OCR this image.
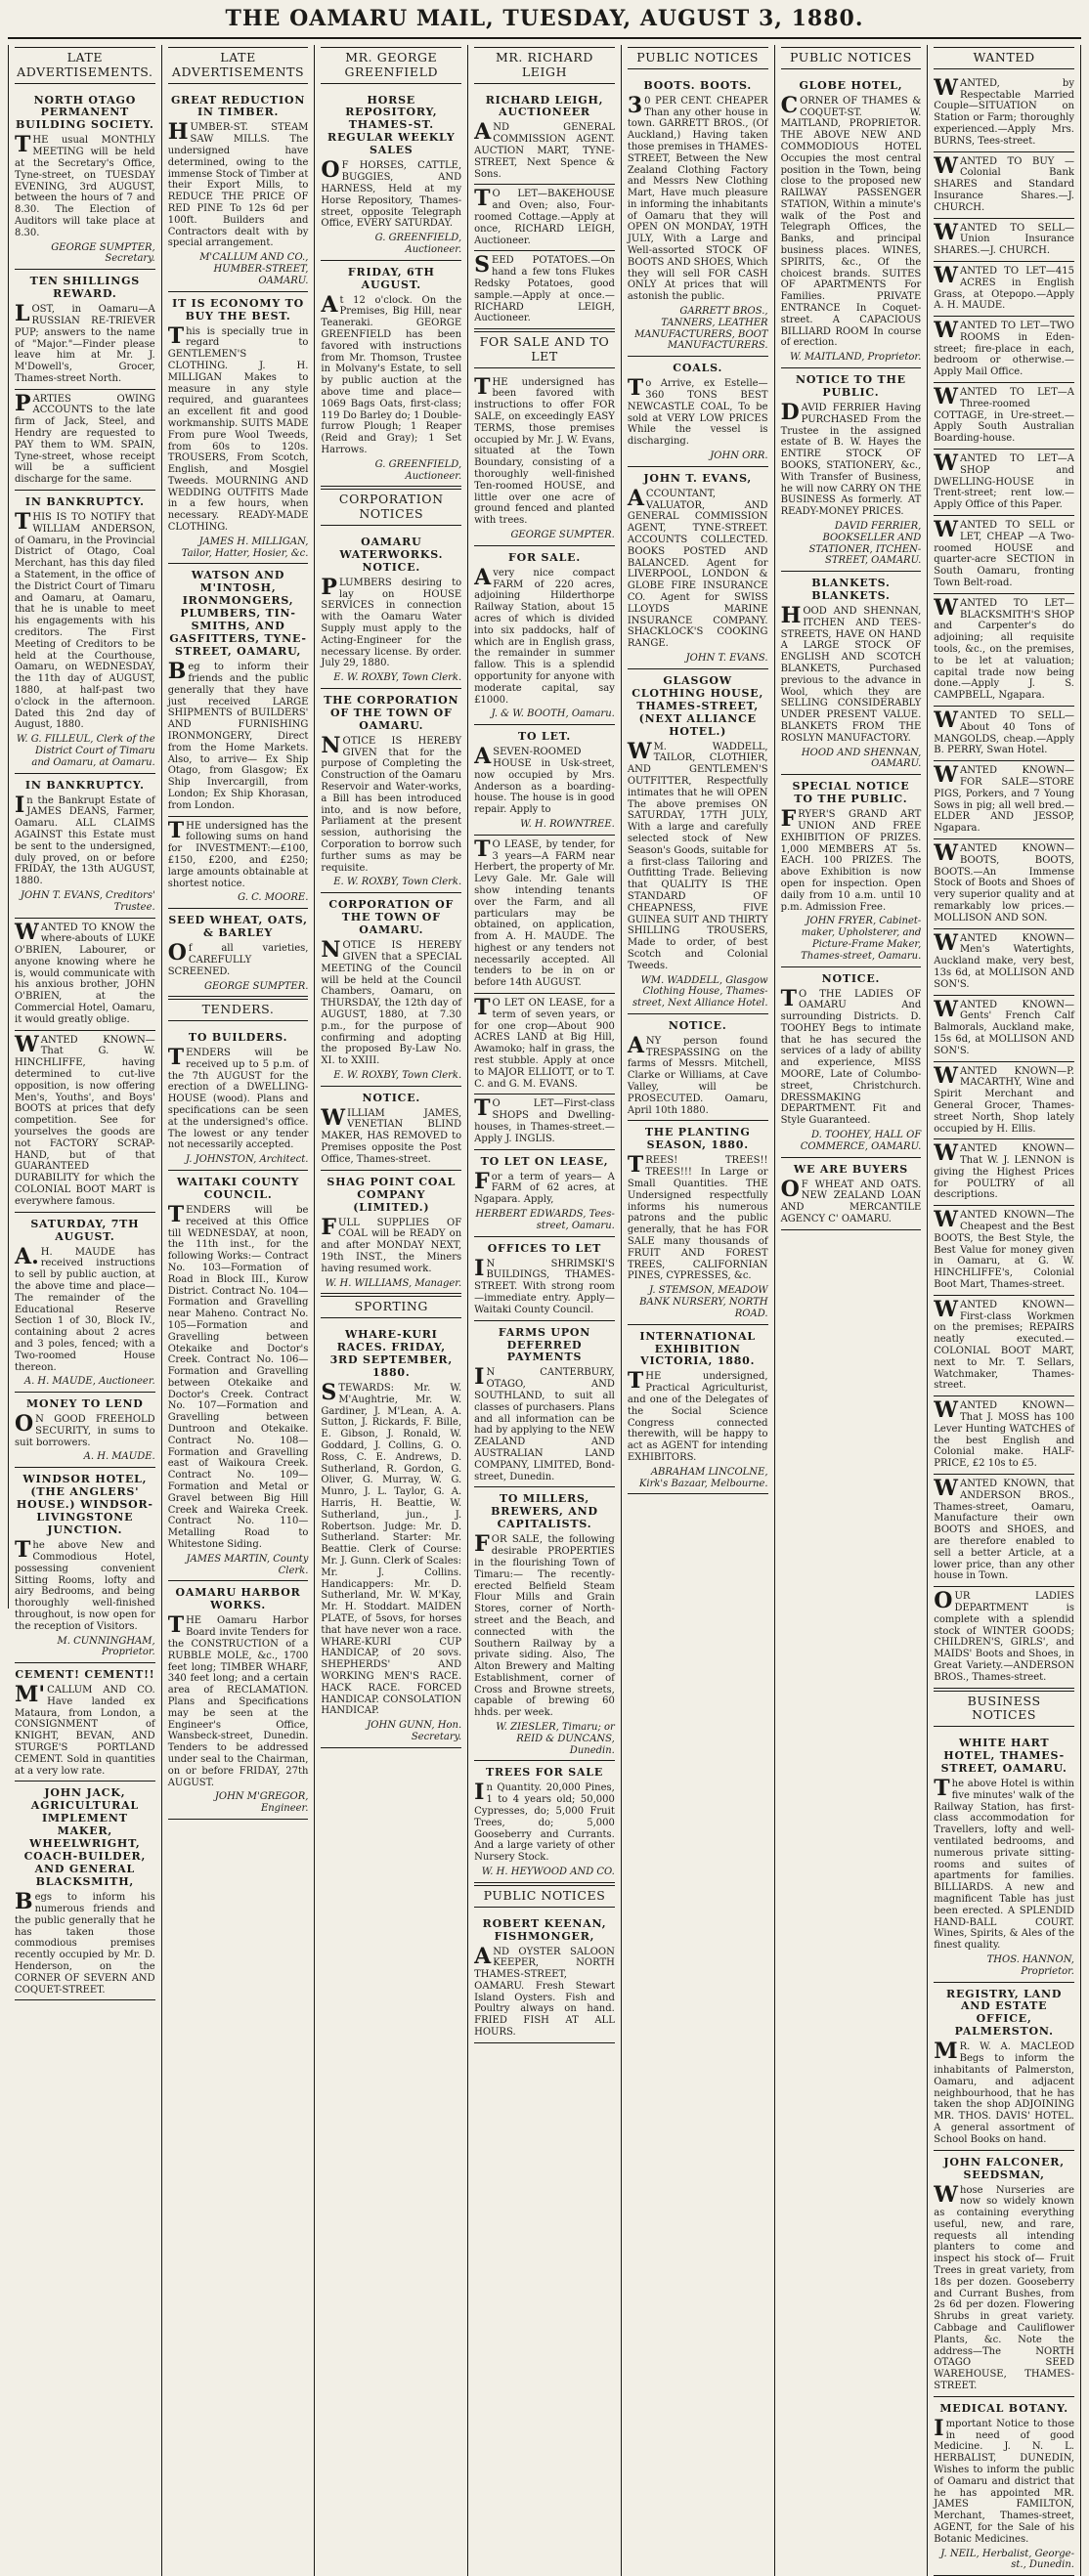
THE OAMARU MAIL, TUESDAY, AUGUST 3, 1880.
LATE ADVERTISEMENTS.
NORTH OTAGO PERMANENT BUILDING SOCIETY.
THE usual MONTHLY MEETING will be held at the Secretary's Office, Tyne-street, on TUESDAY EVENING, 3rd AUGUST, between the hours of 7 and 8.30. The Election of Auditors will take place at 8.30.
GEORGE SUMPTER, Secretary.
TEN SHILLINGS REWARD.
LOST, in Oamaru—A RUSSIAN RE-TRIEVER PUP; answers to the name of "Major."—Finder please leave him at Mr. J. M'Dowell's, Grocer, Thames-street North.
PARTIES OWING ACCOUNTS to the late firm of Jack, Steel, and Hendry are requested to PAY them to WM. SPAIN, Tyne-street, whose receipt will be a sufficient discharge for the same.
IN BANKRUPTCY.
THIS IS TO NOTIFY that WILLIAM ANDERSON, of Oamaru, in the Provincial District of Otago, Coal Merchant, has this day filed a Statement, in the office of the District Court of Timaru and Oamaru, at Oamaru, that he is unable to meet his engagements with his creditors. The First Meeting of Creditors to be held at the Courthouse, Oamaru, on WEDNESDAY, the 11th day of AUGUST, 1880, at half-past two o'clock in the afternoon. Dated this 2nd day of August, 1880.
W. G. FILLEUL, Clerk of the District Court of Timaru and Oamaru, at Oamaru.
IN BANKRUPTCY.
In the Bankrupt Estate of JAMES DEANS, Farmer, Oamaru. ALL CLAIMS AGAINST this Estate must be sent to the undersigned, duly proved, on or before FRIDAY, the 13th AUGUST, 1880.
JOHN T. EVANS, Creditors' Trustee.
WANTED TO KNOW the where-abouts of LUKE O'BRIEN, Labourer, or anyone knowing where he is, would communicate with his anxious brother, JOHN O'BRIEN, at the Commercial Hotel, Oamaru, it would greatly oblige.
WANTED KNOWN—That G. W. HINCHLIFFE, having determined to cut-live opposition, is now offering Men's, Youths', and Boys' BOOTS at prices that defy competition. See for yourselves the goods are not FACTORY SCRAP-HAND, but of that GUARANTEED DURABILITY for which the COLONIAL BOOT MART is everywhere famous.
SATURDAY, 7TH AUGUST.
A.H. MAUDE has received instructions to sell by public auction, at the above time and place—The remainder of the Educational Reserve Section 1 of 30, Block IV., containing about 2 acres and 3 poles, fenced; with a Two-roomed House thereon.
A. H. MAUDE, Auctioneer.
MONEY TO LEND
ON GOOD FREEHOLD SECURITY, in sums to suit borrowers.
A. H. MAUDE.
WINDSOR HOTEL, (THE ANGLERS' HOUSE.) WINDSOR-LIVINGSTONE JUNCTION.
The above New and Commodious Hotel, possessing convenient Sitting Rooms, lofty and airy Bedrooms, and being thoroughly well-finished throughout, is now open for the reception of Visitors.
M. CUNNINGHAM, Proprietor.
CEMENT! CEMENT!!
M'CALLUM AND CO. Have landed ex Mataura, from London, a CONSIGNMENT of KNIGHT, BEVAN, AND STURGE'S PORTLAND CEMENT. Sold in quantities at a very low rate.
JOHN JACK, AGRICULTURAL IMPLEMENT MAKER, WHEELWRIGHT, COACH-BUILDER, AND GENERAL BLACKSMITH,
Begs to inform his numerous friends and the public generally that he has taken those commodious premises recently occupied by Mr. D. Henderson, on the CORNER OF SEVERN AND COQUET-STREET.
LATE ADVERTISEMENTS
GREAT REDUCTION IN TIMBER.
HUMBER-ST. STEAM SAW MILLS. The undersigned have determined, owing to the immense Stock of Timber at their Export Mills, to REDUCE THE PRICE OF RED PINE To 12s 6d per 100ft. Builders and Contractors dealt with by special arrangement.
M'CALLUM AND CO., HUMBER-STREET, OAMARU.
IT IS ECONOMY TO BUY THE BEST.
This is specially true in regard to GENTLEMEN'S CLOTHING. J. H. MILLIGAN Makes to measure in any style required, and guarantees an excellent fit and good workmanship. SUITS MADE From pure Wool Tweeds, from 60s to 120s. TROUSERS, From Scotch, English, and Mosgiel Tweeds. MOURNING AND WEDDING OUTFITS Made in a few hours, when necessary. READY-MADE CLOTHING.
JAMES H. MILLIGAN, Tailor, Hatter, Hosier, &c.
WATSON AND M'INTOSH, IRONMONGERS, PLUMBERS, TIN-SMITHS, AND GASFITTERS, TYNE-STREET, OAMARU,
Beg to inform their friends and the public generally that they have just received LARGE SHIPMENTS of BUILDERS' AND FURNISHING IRONMONGERY, Direct from the Home Markets. Also, to arrive— Ex Ship Otago, from Glasgow; Ex Ship Invercargill, from London; Ex Ship Khorasan, from London.
THE undersigned has the following sums on hand for INVESTMENT:—£100, £150, £200, and £250; large amounts obtainable at shortest notice.
G. C. MOORE.
SEED WHEAT, OATS, & BARLEY
Of all varieties, CAREFULLY SCREENED.
GEORGE SUMPTER.
TENDERS.
TO BUILDERS.
TENDERS will be received up to 5 p.m. of the 7th AUGUST for the erection of a DWELLING-HOUSE (wood). Plans and specifications can be seen at the undersigned's office. The lowest or any tender not necessarily accepted.
J. JOHNSTON, Architect.
WAITAKI COUNTY COUNCIL.
TENDERS will be received at this Office till WEDNESDAY, at noon, the 11th inst., for the following Works:— Contract No. 103—Formation of Road in Block III., Kurow District. Contract No. 104—Formation and Gravelling near Maheno. Contract No. 105—Formation and Gravelling between Otekaike and Doctor's Creek. Contract No. 106—Formation and Gravelling between Otekaike and Doctor's Creek. Contract No. 107—Formation and Gravelling between Duntroon and Otekaike. Contract No. 108—Formation and Gravelling east of Waikoura Creek. Contract No. 109—Formation and Metal or Gravel between Big Hill Creek and Waireka Creek. Contract No. 110—Metalling Road to Whitestone Siding.
JAMES MARTIN, County Clerk.
OAMARU HARBOR WORKS.
THE Oamaru Harbor Board invite Tenders for the CONSTRUCTION of a RUBBLE MOLE, &c., 1700 feet long; TIMBER WHARF, 340 feet long; and a certain area of RECLAMATION. Plans and Specifications may be seen at the Engineer's Office, Wansbeck-street, Dunedin. Tenders to be addressed under seal to the Chairman, on or before FRIDAY, 27th AUGUST.
JOHN M'GREGOR, Engineer.
MR. GEORGE GREENFIELD
HORSE REPOSITORY, THAMES-ST. REGULAR WEEKLY SALES
OF HORSES, CATTLE, BUGGIES, AND HARNESS, Held at my Horse Repository, Thames-street, opposite Telegraph Office, EVERY SATURDAY.
G. GREENFIELD, Auctioneer.
FRIDAY, 6TH AUGUST.
At 12 o'clock. On the Premises, Big Hill, near Teaneraki. GEORGE GREENFIELD has been favored with instructions from Mr. Thomson, Trustee in Molvany's Estate, to sell by public auction at the above time and place— 1069 Bags Oats, first-class; 119 Do Barley do; 1 Double-furrow Plough; 1 Reaper (Reid and Gray); 1 Set Harrows.
G. GREENFIELD, Auctioneer.
CORPORATION NOTICES
OAMARU WATERWORKS. NOTICE.
PLUMBERS desiring to lay on HOUSE SERVICES in connection with the Oamaru Water Supply must apply to the Acting-Engineer for the necessary license. By order. July 29, 1880.
E. W. ROXBY, Town Clerk.
THE CORPORATION OF THE TOWN OF OAMARU.
NOTICE IS HEREBY GIVEN that for the purpose of Completing the Construction of the Oamaru Reservoir and Water-works, a Bill has been introduced into, and is now before, Parliament at the present session, authorising the Corporation to borrow such further sums as may be requisite.
E. W. ROXBY, Town Clerk.
CORPORATION OF THE TOWN OF OAMARU.
NOTICE IS HEREBY GIVEN that a SPECIAL MEETING of the Council will be held at the Council Chambers, Oamaru, on THURSDAY, the 12th day of AUGUST, 1880, at 7.30 p.m., for the purpose of confirming and adopting the proposed By-Law No. XI. to XXIII.
E. W. ROXBY, Town Clerk.
NOTICE.
WILLIAM JAMES, VENETIAN BLIND MAKER, HAS REMOVED to Premises opposite the Post Office, Thames-street.
SHAG POINT COAL COMPANY (LIMITED.)
FULL SUPPLIES OF COAL will be READY on and after MONDAY NEXT, 19th INST., the Miners having resumed work.
W. H. WILLIAMS, Manager.
SPORTING
WHARE-KURI RACES. FRIDAY, 3RD SEPTEMBER, 1880.
STEWARDS: Mr. W. M'Aughtrie, Mr. W. Gardiner, J. M'Lean, A. A. Sutton, J. Rickards, F. Bille, E. Gibson, J. Ronald, W. Goddard, J. Collins, G. O. Ross, C. E. Andrews, D. Sutherland, R. Gordon, G. Oliver, G. Murray, W. G. Munro, J. L. Taylor, G. A. Harris, H. Beattie, W. Sutherland, jun., J. Robertson. Judge: Mr. D. Sutherland. Starter: Mr. Beattie. Clerk of Course: Mr. J. Gunn. Clerk of Scales: Mr. J. Collins. Handicappers: Mr. D. Sutherland, Mr. W. M'Kay, Mr. H. Stoddart. MAIDEN PLATE, of 5sovs, for horses that have never won a race. WHARE-KURI CUP HANDICAP, of 20 sovs. SHEPHERDS' AND WORKING MEN'S RACE. HACK RACE. FORCED HANDICAP. CONSOLATION HANDICAP.
JOHN GUNN, Hon. Secretary.
MR. RICHARD LEIGH
RICHARD LEIGH, AUCTIONEER
AND GENERAL COMMISSION AGENT. AUCTION MART, TYNE-STREET, Next Spence & Sons.
TO LET—BAKEHOUSE and Oven; also, Four-roomed Cottage.—Apply at once, RICHARD LEIGH, Auctioneer.
SEED POTATOES.—On hand a few tons Flukes Redsky Potatoes, good sample.—Apply at once.—RICHARD LEIGH, Auctioneer.
FOR SALE AND TO LET
THE undersigned has been favored with instructions to offer FOR SALE, on exceedingly EASY TERMS, those premises occupied by Mr. J. W. Evans, situated at the Town Boundary, consisting of a thoroughly well-finished Ten-roomed HOUSE, and little over one acre of ground fenced and planted with trees.
GEORGE SUMPTER.
FOR SALE.
Avery nice compact FARM of 220 acres, adjoining Hilderthorpe Railway Station, about 15 acres of which is divided into six paddocks, half of which are in English grass, the remainder in summer fallow. This is a splendid opportunity for anyone with moderate capital, say £1000.
J. & W. BOOTH, Oamaru.
TO LET.
ASEVEN-ROOMED HOUSE in Usk-street, now occupied by Mrs. Anderson as a boarding-house. The house is in good repair. Apply to
W. H. ROWNTREE.
TO LEASE, by tender, for 3 years—A FARM near Herbert, the property of Mr. Levy Gale. Mr. Gale will show intending tenants over the Farm, and all particulars may be obtained, on application, from A. H. MAUDE. The highest or any tenders not necessarily accepted. All tenders to be in on or before 14th AUGUST.
TO LET ON LEASE, for a term of seven years, or for one crop—About 900 ACRES LAND at Big Hill, Awamoko; half in grass, the rest stubble. Apply at once to MAJOR ELLIOTT, or to T. C. and G. M. EVANS.
TO LET—First-class SHOPS and Dwelling-houses, in Thames-street.—Apply J. INGLIS.
TO LET ON LEASE,
For a term of years— A FARM of 62 acres, at Ngapara. Apply,
HERBERT EDWARDS, Tees-street, Oamaru.
OFFICES TO LET
IN SHRIMSKI'S BUILDINGS, THAMES-STREET. With strong room—immediate entry. Apply—Waitaki County Council.
FARMS UPON DEFERRED PAYMENTS
IN CANTERBURY, OTAGO, AND SOUTHLAND, to suit all classes of purchasers. Plans and all information can be had by applying to the NEW ZEALAND AND AUSTRALIAN LAND COMPANY, LIMITED, Bond-street, Dunedin.
TO MILLERS, BREWERS, AND CAPITALISTS.
FOR SALE, the following desirable PROPERTIES in the flourishing Town of Timaru:— The recently-erected Belfield Steam Flour Mills and Grain Stores, corner of North-street and the Beach, and connected with the Southern Railway by a private siding. Also, The Alton Brewery and Malting Establishment, corner of Cross and Browne streets, capable of brewing 60 hhds. per week.
W. ZIESLER, Timaru; or REID & DUNCANS, Dunedin.
TREES FOR SALE
In Quantity. 20,000 Pines, 1 to 4 years old; 50,000 Cypresses, do; 5,000 Fruit Trees, do; 5,000 Gooseberry and Currants. And a large variety of other Nursery Stock.
W. H. HEYWOOD AND CO.
PUBLIC NOTICES
ROBERT KEENAN, FISHMONGER,
AND OYSTER SALOON KEEPER, NORTH THAMES-STREET, OAMARU. Fresh Stewart Island Oysters. Fish and Poultry always on hand. FRIED FISH AT ALL HOURS.
PUBLIC NOTICES
BOOTS. BOOTS.
30 PER CENT. CHEAPER Than any other house in town. GARRETT BROS., (Of Auckland,) Having taken those premises in THAMES-STREET, Between the New Zealand Clothing Factory and Messrs New Clothing Mart, Have much pleasure in informing the inhabitants of Oamaru that they will OPEN ON MONDAY, 19TH JULY, With a Large and Well-assorted STOCK OF BOOTS AND SHOES, Which they will sell FOR CASH ONLY At prices that will astonish the public.
GARRETT BROS., TANNERS, LEATHER MANUFACTURERS, BOOT MANUFACTURERS.
COALS.
To Arrive, ex Estelle— 360 TONS BEST NEWCASTLE COAL, To be sold at VERY LOW PRICES While the vessel is discharging.
JOHN ORR.
JOHN T. EVANS,
ACCOUNTANT, VALUATOR, AND GENERAL COMMISSION AGENT, TYNE-STREET. ACCOUNTS COLLECTED. BOOKS POSTED AND BALANCED. Agent for LIVERPOOL, LONDON & GLOBE FIRE INSURANCE CO. Agent for SWISS LLOYDS MARINE INSURANCE COMPANY. SHACKLOCK'S COOKING RANGE.
JOHN T. EVANS.
GLASGOW CLOTHING HOUSE, THAMES-STREET, (NEXT ALLIANCE HOTEL.)
WM. WADDELL, TAILOR, CLOTHIER, AND GENTLEMEN'S OUTFITTER, Respectfully intimates that he will OPEN The above premises ON SATURDAY, 17TH JULY, With a large and carefully selected stock of New Season's Goods, suitable for a first-class Tailoring and Outfitting Trade. Believing that QUALITY IS THE STANDARD OF CHEAPNESS, FIVE GUINEA SUIT AND THIRTY SHILLING TROUSERS, Made to order, of best Scotch and Colonial Tweeds.
WM. WADDELL, Glasgow Clothing House, Thames-street, Next Alliance Hotel.
NOTICE.
ANY person found TRESPASSING on the farms of Messrs. Mitchell, Clarke or Williams, at Cave Valley, will be PROSECUTED. Oamaru, April 10th 1880.
THE PLANTING SEASON, 1880.
TREES! TREES!! TREES!!! In Large or Small Quantities. THE Undersigned respectfully informs his numerous patrons and the public generally, that he has FOR SALE many thousands of FRUIT AND FOREST TREES, CALIFORNIAN PINES, CYPRESSES, &c.
J. STEMSON, MEADOW BANK NURSERY, NORTH ROAD.
INTERNATIONAL EXHIBITION VICTORIA, 1880.
THE undersigned, Practical Agriculturist, and one of the Delegates of the Social Science Congress connected therewith, will be happy to act as AGENT for intending EXHIBITORS.
ABRAHAM LINCOLNE, Kirk's Bazaar, Melbourne.
PUBLIC NOTICES
GLOBE HOTEL,
CORNER OF THAMES & COQUET-ST. W. MAITLAND, PROPRIETOR. THE ABOVE NEW AND COMMODIOUS HOTEL Occupies the most central position in the Town, being close to the proposed new RAILWAY PASSENGER STATION, Within a minute's walk of the Post and Telegraph Offices, the Banks, and principal business places. WINES, SPIRITS, &c., Of the choicest brands. SUITES OF APARTMENTS For Families. PRIVATE ENTRANCE In Coquet-street. A CAPACIOUS BILLIARD ROOM In course of erection.
W. MAITLAND, Proprietor.
NOTICE TO THE PUBLIC.
DAVID FERRIER Having PURCHASED From the Trustee in the assigned estate of B. W. Hayes the ENTIRE STOCK OF BOOKS, STATIONERY, &c., With Transfer of Business, he will now CARRY ON THE BUSINESS As formerly. AT READY-MONEY PRICES.
DAVID FERRIER, BOOKSELLER AND STATIONER, ITCHEN-STREET, OAMARU.
BLANKETS. BLANKETS.
HOOD AND SHENNAN, ITCHEN AND TEES-STREETS, HAVE ON HAND A LARGE STOCK OF ENGLISH AND SCOTCH BLANKETS, Purchased previous to the advance in Wool, which they are SELLING CONSIDERABLY UNDER PRESENT VALUE. BLANKETS FROM THE ROSLYN MANUFACTORY.
HOOD AND SHENNAN, OAMARU.
SPECIAL NOTICE TO THE PUBLIC.
FRYER'S GRAND ART UNION AND FREE EXHIBITION OF PRIZES. 1,000 MEMBERS AT 5s. EACH. 100 PRIZES. The above Exhibition is now open for inspection. Open daily from 10 a.m. until 10 p.m. Admission Free.
JOHN FRYER, Cabinet-maker, Upholsterer, and Picture-Frame Maker, Thames-street, Oamaru.
NOTICE.
TO THE LADIES OF OAMARU And surrounding Districts. D. TOOHEY Begs to intimate that he has secured the services of a lady of ability and experience, MISS MOORE, Late of Columbo-street, Christchurch. DRESSMAKING DEPARTMENT. Fit and Style Guaranteed.
D. TOOHEY, HALL OF COMMERCE, OAMARU.
WE ARE BUYERS
OF WHEAT AND OATS. NEW ZEALAND LOAN AND MERCANTILE AGENCY C' OAMARU.
WANTED
WANTED, by Respectable Married Couple—SITUATION on Station or Farm; thoroughly experienced.—Apply Mrs. BURNS, Tees-street.
WANTED TO BUY — Colonial Bank SHARES and Standard Insurance Shares.—J. CHURCH.
WANTED TO SELL—Union Insurance SHARES.—J. CHURCH.
WANTED TO LET—415 ACRES in English Grass, at Otepopo.—Apply A. H. MAUDE.
WANTED TO LET—TWO ROOMS in Eden-street; fire-place in each, bedroom or otherwise.—Apply Mail Office.
WANTED TO LET—A Three-roomed COTTAGE, in Ure-street.—Apply South Australian Boarding-house.
WANTED TO LET—A SHOP and DWELLING-HOUSE in Trent-street; rent low.—Apply Office of this Paper.
WANTED TO SELL or LET, CHEAP —A Two-roomed HOUSE and quarter-acre SECTION in South Oamaru, fronting Town Belt-road.
WANTED TO LET—BLACKSMITH'S SHOP and Carpenter's do adjoining; all requisite tools, &c., on the premises, to be let at valuation; capital trade now being done.—Apply J. S. CAMPBELL, Ngapara.
WANTED TO SELL—About 40 Tons of MANGOLDS, cheap.—Apply B. PERRY, Swan Hotel.
WANTED KNOWN—FOR SALE—STORE PIGS, Porkers, and 7 Young Sows in pig; all well bred.—ELDER AND JESSOP, Ngapara.
WANTED KNOWN—BOOTS, BOOTS, BOOTS.—An Immense Stock of Boots and Shoes of very superior quality and at remarkably low prices.—MOLLISON AND SON.
WANTED KNOWN—Men's Watertights, Auckland make, very best, 13s 6d, at MOLLISON AND SON'S.
WANTED KNOWN—Gents' French Calf Balmorals, Auckland make, 15s 6d, at MOLLISON AND SON'S.
WANTED KNOWN—P. MACARTHY, Wine and Spirit Merchant and General Grocer, Thames-street North, Shop lately occupied by H. Ellis.
WANTED KNOWN—That W. J. LENNON is giving the Highest Prices for POULTRY of all descriptions.
WANTED KNOWN—The Cheapest and the Best BOOTS, the Best Style, the Best Value for money given in Oamaru, at G. W. HINCHLIFFE's, Colonial Boot Mart, Thames-street.
WANTED KNOWN—First-class Workmen on the premises; REPAIRS neatly executed.—COLONIAL BOOT MART, next to Mr. T. Sellars, Watchmaker, Thames-street.
WANTED KNOWN—That J. MOSS has 100 Lever Hunting WATCHES of the best English and Colonial make. HALF-PRICE, £2 10s to £5.
WANTED KNOWN, that ANDERSON BROS., Thames-street, Oamaru, Manufacture their own BOOTS and SHOES, and are therefore enabled to sell a better Article, at a lower price, than any other house in Town.
OUR LADIES DEPARTMENT is complete with a splendid stock of WINTER GOODS; CHILDREN'S, GIRLS', and MAIDS' Boots and Shoes, in Great Variety.—ANDERSON BROS., Thames-street.
BUSINESS NOTICES
WHITE HART HOTEL, THAMES-STREET, OAMARU.
The above Hotel is within five minutes' walk of the Railway Station, has first-class accommodation for Travellers, lofty and well-ventilated bedrooms, and numerous private sitting-rooms and suites of apartments for families. BILLIARDS. A new and magnificent Table has just been erected. A SPLENDID HAND-BALL COURT. Wines, Spirits, & Ales of the finest quality.
THOS. HANNON, Proprietor.
REGISTRY, LAND AND ESTATE OFFICE, PALMERSTON.
MR. W. A. MACLEOD Begs to inform the inhabitants of Palmerston, Oamaru, and adjacent neighbourhood, that he has taken the shop ADJOINING MR. THOS. DAVIS' HOTEL. A general assortment of School Books on hand.
JOHN FALCONER, SEEDSMAN,
Whose Nurseries are now so widely known as containing everything useful, new, and rare, requests all intending planters to come and inspect his stock of— Fruit Trees in great variety, from 18s per dozen. Gooseberry and Currant Bushes, from 2s 6d per dozen. Flowering Shrubs in great variety. Cabbage and Cauliflower Plants, &c. Note the address—The NORTH OTAGO SEED WAREHOUSE, THAMES-STREET.
MEDICAL BOTANY.
Important Notice to those in need of good Medicine. J. N. L. HERBALIST, DUNEDIN, Wishes to inform the public of Oamaru and district that he has appointed MR. JAMES FAMILTON, Merchant, Thames-street, AGENT, for the Sale of his Botanic Medicines.
J. NEIL, Herbalist, George-st., Dunedin.
